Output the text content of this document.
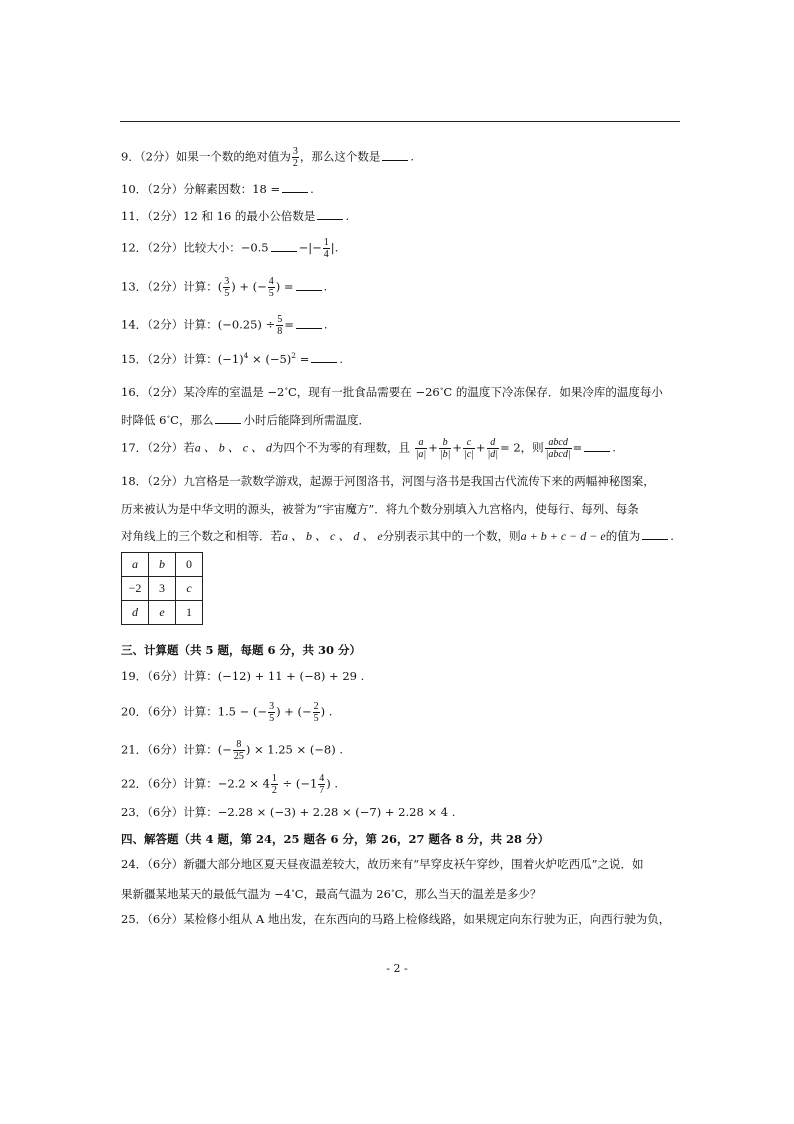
9．（2分）如果一个数的绝对值为 $\frac{3}{2}$ ，那么这个数是	.
10．（2分）分解素因数：18 =	.
11．（2分）12 和 16 的最小公倍数是	.
12．（2分）比较大小：−0.5	−|− $\frac{1}{4}$ |.
13．（2分）计算：( $\frac{3}{5}$ ) + (− $\frac{4}{5}$ ) =	.
14．（2分）计算：$(-0.25) \div \frac{5}{8}$ =	.
15．（2分）计算：$(-1)^4 \times (-5)^2$ =	.
16．（2分）某冷库的室温是 −2∘C，现有一批食品需要在 −26∘C 的温度下冷冻保存．如果冷库的温度每小
时降低 6∘C，那么	小时后能降到所需温度．
17．（2分）若a 、 b 、 c 、 d为四个不为零的有理数，且 $\frac{a}{|a|} + \frac{b}{|b|} + \frac{c}{|c|} + \frac{d}{|d|} = 2$，则 $\frac{\text{abcd}}{\text{|abcd|}}$ =	.
18．（2分）九宫格是一款数学游戏，起源于河图洛书，河图与洛书是我国古代流传下来的两幅神秘图案，
历来被认为是中华文明的源头，被誉为“宇宙魔方”．将九个数分别填入九宫格内，使每行、每列、每条
对角线上的三个数之和相等．若a 、 b 、 c 、 d 、 e分别表示其中的一个数，则a + b + c − d − e的值为	.
a	b	0
−2	3	c
d	e	1
三、计算题（共 5 题，每题 6 分，共 30 分）
19．（6分）计算：(−12) + 11 + (−8) + 29 .
20．（6分）计算：1.5 − (− $\frac{3}{5}$ ) + (− $\frac{2}{5}$ ) .
21．（6分）计算：(− $\frac{8}{25}$ ) × 1.25 × (−8) .
22．（6分）计算：$-2.2 \times 4 \frac{1}{2} \div (-1 \frac{4}{7}$ ) .
23．（6分）计算：−2.28 × (−3) + 2.28 × (−7) + 2.28 × 4 .
四、解答题（共 4 题，第 24，25 题各 6 分，第 26，27 题各 8 分，共 28 分）
24．（6分）新疆大部分地区夏天昼夜温差较大，故历来有“早穿皮袄午穿纱，围着火炉吃西瓜”之说．如
果新疆某地某天的最低气温为 −4∘C，最高气温为 26∘C，那么当天的温差是多少？
25．（6分）某检修小组从 A 地出发，在东西向的马路上检修线路，如果规定向东行驶为正，向西行驶为负，
- 2 -
